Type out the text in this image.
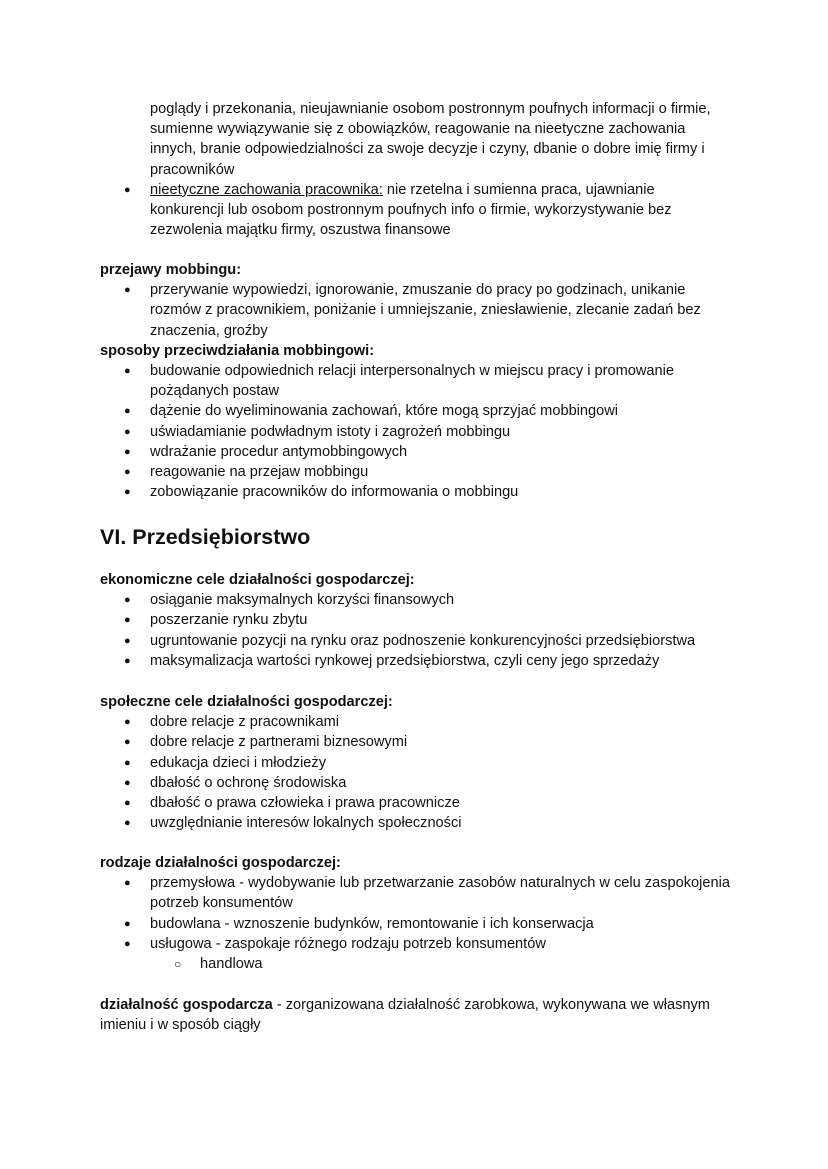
poglądy i przekonania, nieujawnianie osobom postronnym poufnych informacji o firmie, sumienne wywiązywanie się z obowiązków, reagowanie na nieetyczne zachowania innych, branie odpowiedzialności za swoje decyzje i czyny, dbanie o dobre imię firmy i pracowników
● nieetyczne zachowania pracownika: nie rzetelna i sumienna praca, ujawnianie konkurencji lub osobom postronnym poufnych info o firmie, wykorzystywanie bez zezwolenia majątku firmy, oszustwa finansowe
przejawy mobbingu:
● przerywanie wypowiedzi, ignorowanie, zmuszanie do pracy po godzinach, unikanie rozmów z pracownikiem, poniżanie i umniejszanie, zniesławienie, zlecanie zadań bez znaczenia, groźby
sposoby przeciwdziałania mobbingowi:
● budowanie odpowiednich relacji interpersonalnych w miejscu pracy i promowanie pożądanych postaw
● dążenie do wyeliminowania zachowań, które mogą sprzyjać mobbingowi
● uświadamianie podwładnym istoty i zagrożeń mobbingu
● wdrażanie procedur antymobbingowych
● reagowanie na przejaw mobbingu
● zobowiązanie pracowników do informowania o mobbingu
VI. Przedsiębiorstwo
ekonomiczne cele działalności gospodarczej:
● osiąganie maksymalnych korzyści finansowych
● poszerzanie rynku zbytu
● ugruntowanie pozycji na rynku oraz podnoszenie konkurencyjności przedsiębiorstwa
● maksymalizacja wartości rynkowej przedsiębiorstwa, czyli ceny jego sprzedaży
społeczne cele działalności gospodarczej:
● dobre relacje z pracownikami
● dobre relacje z partnerami biznesowymi
● edukacja dzieci i młodzieży
● dbałość o ochronę środowiska
● dbałość o prawa człowieka i prawa pracownicze
● uwzględnianie interesów lokalnych społeczności
rodzaje działalności gospodarczej:
● przemysłowa - wydobywanie lub przetwarzanie zasobów naturalnych w celu zaspokojenia potrzeb konsumentów
● budowlana - wznoszenie budynków, remontowanie i ich konserwacja
● usługowa - zaspokaje różnego rodzaju potrzeb konsumentów
○ handlowa
działalność gospodarcza - zorganizowana działalność zarobkowa, wykonywana we własnym imieniu i w sposób ciągły
